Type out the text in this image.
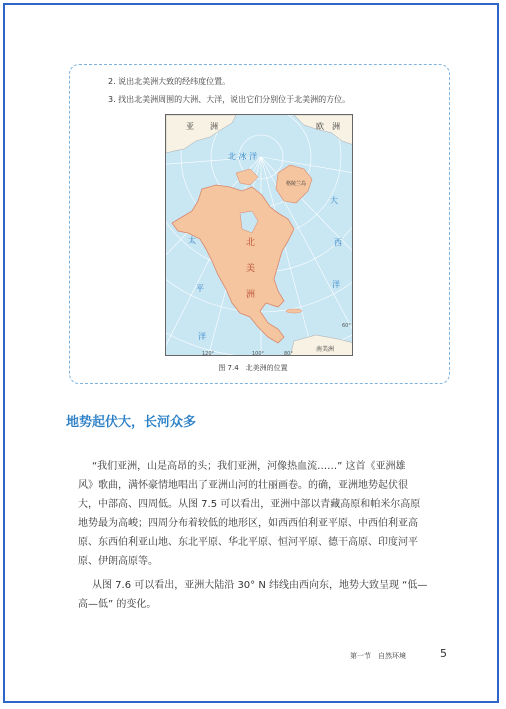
2. 说出北美洲大致的经纬度位置。
3. 找出北美洲周围的大洲、大洋，说出它们分别位于北美洲的方位。
亚　　洲	欧　洲
北 冰 洋
格陵兰岛
太
平
洋
大
西
洋
北
美
洲
南美洲
120°	100°
60°
80°
图 7.4　北美洲的位置
地势起伏大，长河众多
“我们亚洲，山是高昂的头；我们亚洲，河像热血流……” 这首《亚洲雄
风》歌曲，满怀豪情地唱出了亚洲山河的壮丽画卷。的确，亚洲地势起伏很
大，中部高、四周低。从图 7.5 可以看出，亚洲中部以青藏高原和帕米尔高原
地势最为高峻；四周分布着较低的地形区，如西西伯利亚平原、中西伯利亚高
原、东西伯利亚山地、东北平原、华北平原、恒河平原、德干高原、印度河平
原、伊朗高原等。
从图 7.6 可以看出，亚洲大陆沿 30° N 纬线由西向东，地势大致呈现 “低—
高—低” 的变化。
第一节　自然环境	5
